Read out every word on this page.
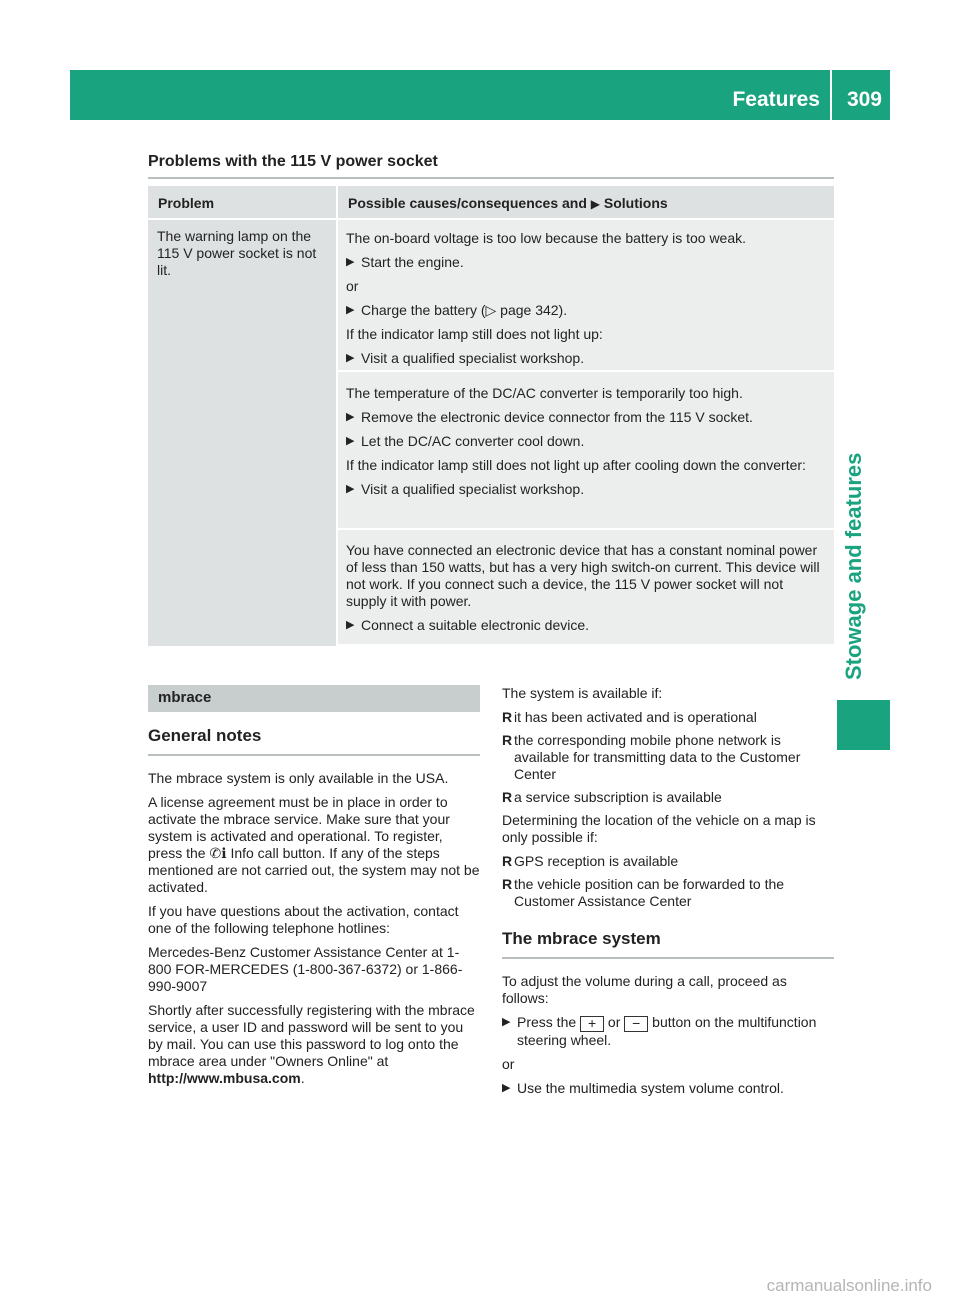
Features 309
Stowage and features
Problems with the 115 V power socket
Problem	Possible causes/consequences and ▶ Solutions
The warning lamp on the 115 V power socket is not lit.

The on-board voltage is too low because the battery is too weak.

▶ Start the engine.

or

▶ Charge the battery (▷ page 342).

If the indicator lamp still does not light up:

▶ Visit a qualified specialist workshop.

The temperature of the DC/AC converter is temporarily too high.

▶ Remove the electronic device connector from the 115 V socket.
▶ Let the DC/AC converter cool down.

If the indicator lamp still does not light up after cooling down the converter:

▶ Visit a qualified specialist workshop.

You have connected an electronic device that has a constant nominal power of less than 150 watts, but has a very high switch-on current. This device will not work. If you connect such a device, the 115 V power socket will not supply it with power.

▶ Connect a suitable electronic device.
mbrace
General notes

The mbrace system is only available in the USA.

A license agreement must be in place in order to activate the mbrace service. Make sure that your system is activated and operational. To register, press the ✆ℹ Info call button. If any of the steps mentioned are not carried out, the system may not be activated.

If you have questions about the activation, contact one of the following telephone hotlines:

Mercedes-Benz Customer Assistance Center at 1-800 FOR-MERCEDES (1-800-367-6372) or 1-866-990-9007

Shortly after successfully registering with the mbrace service, a user ID and password will be sent to you by mail. You can use this password to log onto the mbrace area under "Owners Online" at http://www.mbusa.com.

The system is available if:

R it has been activated and is operational
R the corresponding mobile phone network is available for transmitting data to the Customer Center
R a service subscription is available

Determining the location of the vehicle on a map is only possible if:

R GPS reception is available
R the vehicle position can be forwarded to the Customer Assistance Center
The mbrace system

To adjust the volume during a call, proceed as follows:

▶ Press the + or − button on the multifunction steering wheel.

or

▶ Use the multimedia system volume control.
carmanualsonline.info
